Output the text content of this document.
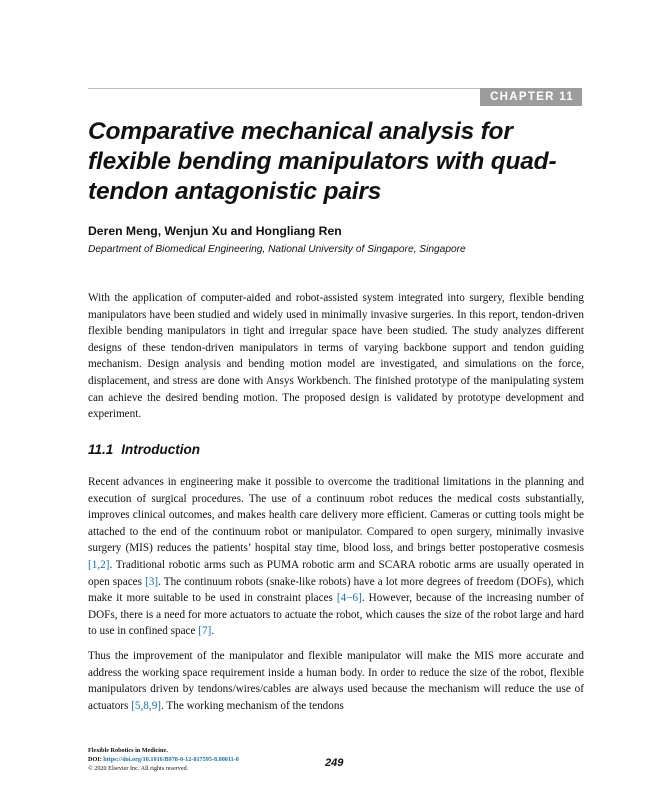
CHAPTER 11
Comparative mechanical analysis for flexible bending manipulators with quad-tendon antagonistic pairs

Deren Meng, Wenjun Xu and Hongliang Ren

Department of Biomedical Engineering, National University of Singapore, Singapore

With the application of computer-aided and robot-assisted system integrated into surgery, flexible bending manipulators have been studied and widely used in minimally invasive surgeries. In this report, tendon-driven flexible bending manipulators in tight and irregular space have been studied. The study analyzes different designs of these tendon-driven manipulators in terms of varying backbone support and tendon guiding mechanism. Design analysis and bending motion model are investigated, and simulations on the force, displacement, and stress are done with Ansys Workbench. The finished prototype of the manipulating system can achieve the desired bending motion. The proposed design is validated by prototype development and experiment.

11.1 Introduction

Recent advances in engineering make it possible to overcome the traditional limitations in the planning and execution of surgical procedures. The use of a continuum robot reduces the medical costs substantially, improves clinical outcomes, and makes health care delivery more efficient. Cameras or cutting tools might be attached to the end of the continuum robot or manipulator. Compared to open surgery, minimally invasive surgery (MIS) reduces the patients’ hospital stay time, blood loss, and brings better postoperative cosmesis [1,2]. Traditional robotic arms such as PUMA robotic arm and SCARA robotic arms are usually operated in open spaces [3]. The continuum robots (snake-like robots) have a lot more degrees of freedom (DOFs), which make it more suitable to be used in constraint places [4−6]. However, because of the increasing number of DOFs, there is a need for more actuators to actuate the robot, which causes the size of the robot large and hard to use in confined space [7].

Thus the improvement of the manipulator and flexible manipulator will make the MIS more accurate and address the working space requirement inside a human body. In order to reduce the size of the robot, flexible manipulators driven by tendons/wires/cables are always used because the mechanism will reduce the use of actuators [5,8,9]. The working mechanism of the tendons

Flexible Robotics in Medicine.
DOI: https://doi.org/10.1016/B978-0-12-817595-8.00011-0
© 2020 Elsevier Inc. All rights reserved.	249
